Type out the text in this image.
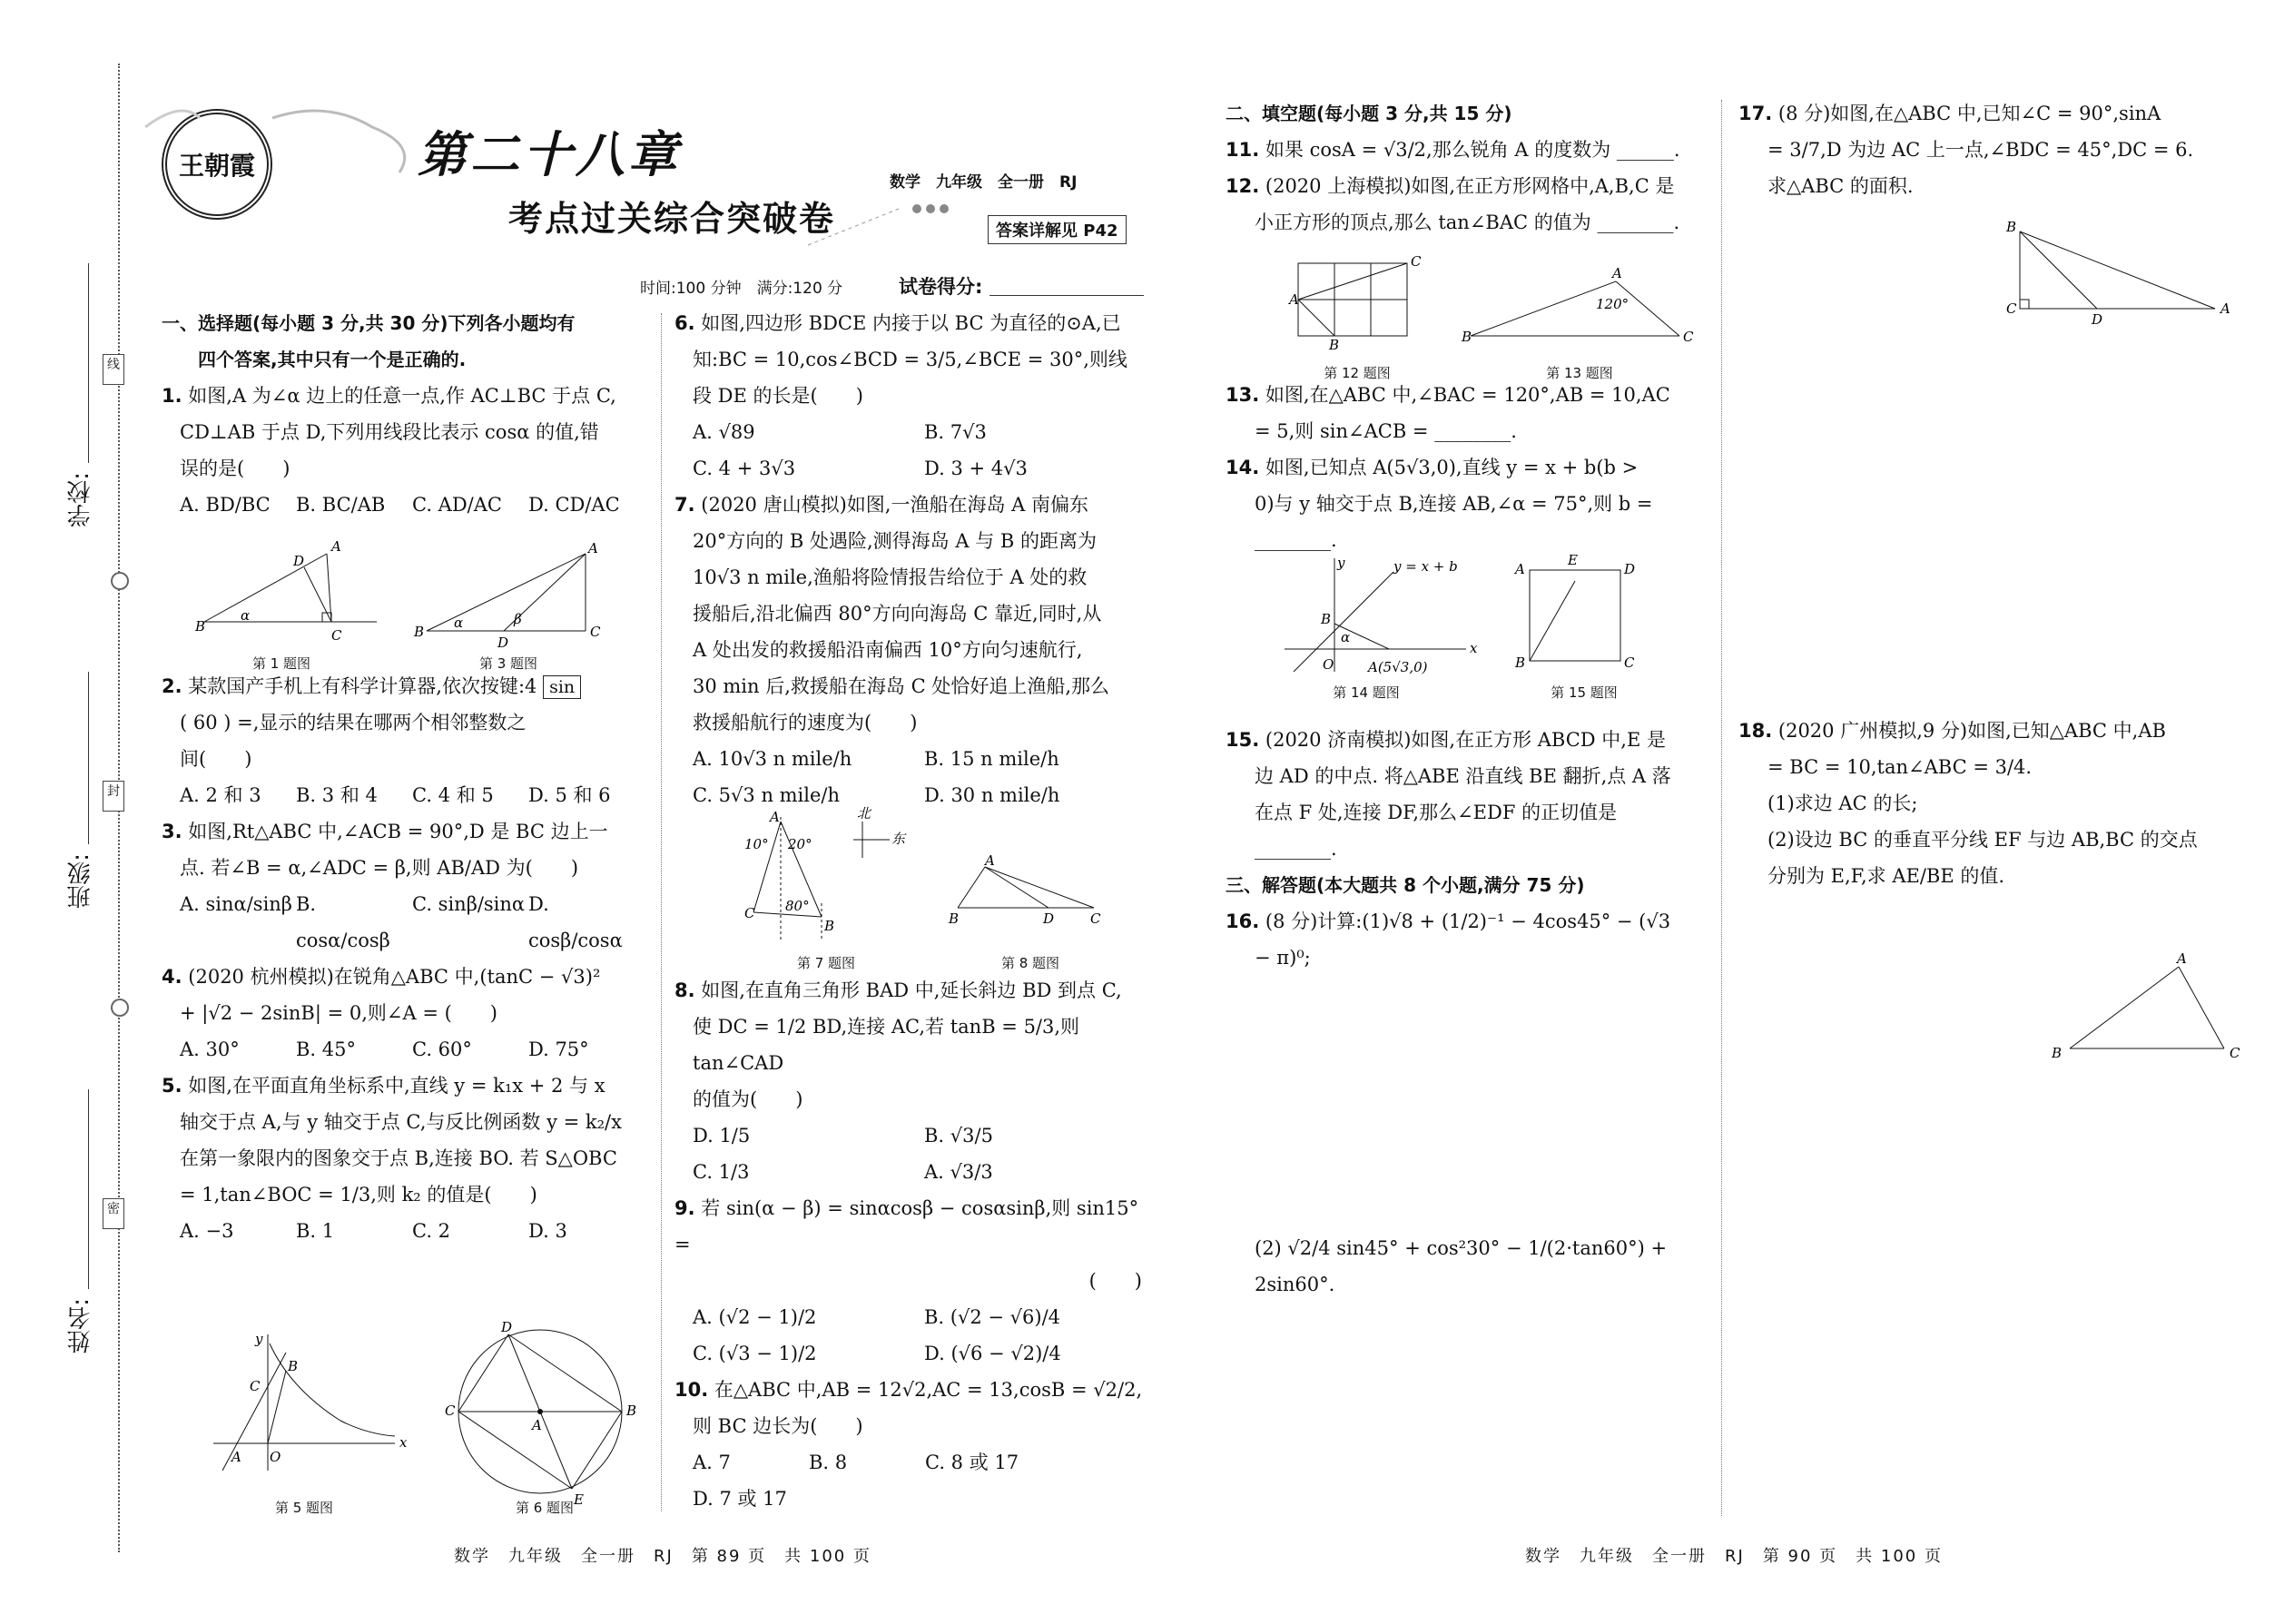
学校:
班级:
姓名:
线
封
密
王朝霞	第二十八章
考点过关综合突破卷
数学　九年级　全一册　RJ
答案详解见 P42
时间:100 分钟　满分:120 分	试卷得分:

一、选择题(每小题 3 分,共 30 分)下列各小题均有

四个答案,其中只有一个是正确的.

1. 如图,A 为∠α 边上的任意一点,作 AC⊥BC 于点 C,

CD⊥AB 于点 D,下列用线段比表示 cosα 的值,错

误的是(　　)

A. BD/BC	B. BC/AB	C. AD/AC	D. CD/AC

2. 某款国产手机上有科学计算器,依次按键:4 sin

( 60 ) =,显示的结果在哪两个相邻整数之

间(　　)

A. 2 和 3	B. 3 和 4	C. 4 和 5	D. 5 和 6

3. 如图,Rt△ABC 中,∠ACB = 90°,D 是 BC 边上一

点. 若∠B = α,∠ADC = β,则 AB/AD 为(　　)

A. sinα/sinβ B. cosα/cosβ
C. sinβ/sinα D. cosβ/cosα

4. (2020 杭州模拟)在锐角△ABC 中,(tanC − √3)²

+ |√2 − 2sinB| = 0,则∠A = (　　)

A. 30°	B. 45°	C. 60°	D. 75°

5. 如图,在平面直角坐标系中,直线 y = k₁x + 2 与 x

轴交于点 A,与 y 轴交于点 C,与反比例函数 y = k₂/x

在第一象限内的图象交于点 B,连接 BO. 若 S△OBC

= 1,tan∠BOC = 1/3,则 k₂ 的值是(　　)

A. −3	B. 1	C. 2	D. 3
B
C
A
D
α
第 1 题图
B	C
A
D
α	β
第 3 题图
x
y
A O
C
B
第 5 题图
C	B
D
E
A
第 6 题图

6. 如图,四边形 BDCE 内接于以 BC 为直径的⊙A,已

知:BC = 10,cos∠BCD = 3/5,∠BCE = 30°,则线

段 DE 的长是(　　)

A. √89	B. 7√3
C. 4 + 3√3	D. 3 + 4√3

7. (2020 唐山模拟)如图,一渔船在海岛 A 南偏东

20°方向的 B 处遇险,测得海岛 A 与 B 的距离为

10√3 n mile,渔船将险情报告给位于 A 处的救

援船后,沿北偏西 80°方向向海岛 C 靠近,同时,从

A 处出发的救援船沿南偏西 10°方向匀速航行,

30 min 后,救援船在海岛 C 处恰好追上渔船,那么

救援船航行的速度为(　　)

A. 10√3 n mile/h	B. 15 n mile/h
C. 5√3 n mile/h	D. 30 n mile/h

8. 如图,在直角三角形 BAD 中,延长斜边 BD 到点 C,

使 DC = 1/2 BD,连接 AC,若 tanB = 5/3,则 tan∠CAD

的值为(　　)

D. 1/5	B. √3/5
C. 1/3	A. √3/3

9. 若 sin(α − β) = sinαcosβ − cosαsinβ,则 sin15° =

(　　)

A. (√2 − 1)/2	B. (√2 − √6)/4
C. (√3 − 1)/2	D. (√6 − √2)/4

10. 在△ABC 中,AB = 12√2,AC = 13,cosB = √2/2,

则 BC 边长为(　　)

A. 7	B. 8	C. 8 或 17
D. 7 或 17
A
C
B
10° 20°
80°
北
东
第 7 题图
B	D	C
A
第 8 题图

二、填空题(每小题 3 分,共 15 分)

11. 如果 cosA = √3/2,那么锐角 A 的度数为 ______.

12. (2020 上海模拟)如图,在正方形网格中,A,B,C 是

小正方形的顶点,那么 tan∠BAC 的值为 ________.

13. 如图,在△ABC 中,∠BAC = 120°,AB = 10,AC

= 5,则 sin∠ACB = ________.

14. 如图,已知点 A(5√3,0),直线 y = x + b(b >

0)与 y 轴交于点 B,连接 AB,∠α = 75°,则 b =

________.

15. (2020 济南模拟)如图,在正方形 ABCD 中,E 是

边 AD 的中点. 将△ABE 沿直线 BE 翻折,点 A 落

在点 F 处,连接 DF,那么∠EDF 的正切值是

________.

三、解答题(本大题共 8 个小题,满分 75 分)

16. (8 分)计算:(1)√8 + (1/2)⁻¹ − 4cos45° − (√3

− π)⁰;

(2) √2/4 sin45° + cos²30° − 1/(2·tan60°) + 2sin60°.

A
C
B
第 12 题图
B	C
A
120°
第 13 题图
x
y
O
B
α
y = x + b
A(5√3,0)
第 14 题图
A	D
E
B	C
第 15 题图

17. (8 分)如图,在△ABC 中,已知∠C = 90°,sinA

= 3/7,D 为边 AC 上一点,∠BDC = 45°,DC = 6.

求△ABC 的面积.

18. (2020 广州模拟,9 分)如图,已知△ABC 中,AB

= BC = 10,tan∠ABC = 3/4.

(1)求边 AC 的长;

(2)设边 BC 的垂直平分线 EF 与边 AB,BC 的交点

分别为 E,F,求 AE/BE 的值.

B
C
D
A
B	C
A
数学　九年级　全一册　RJ　第 89 页　共 100 页	数学　九年级　全一册　RJ　第 90 页　共 100 页
